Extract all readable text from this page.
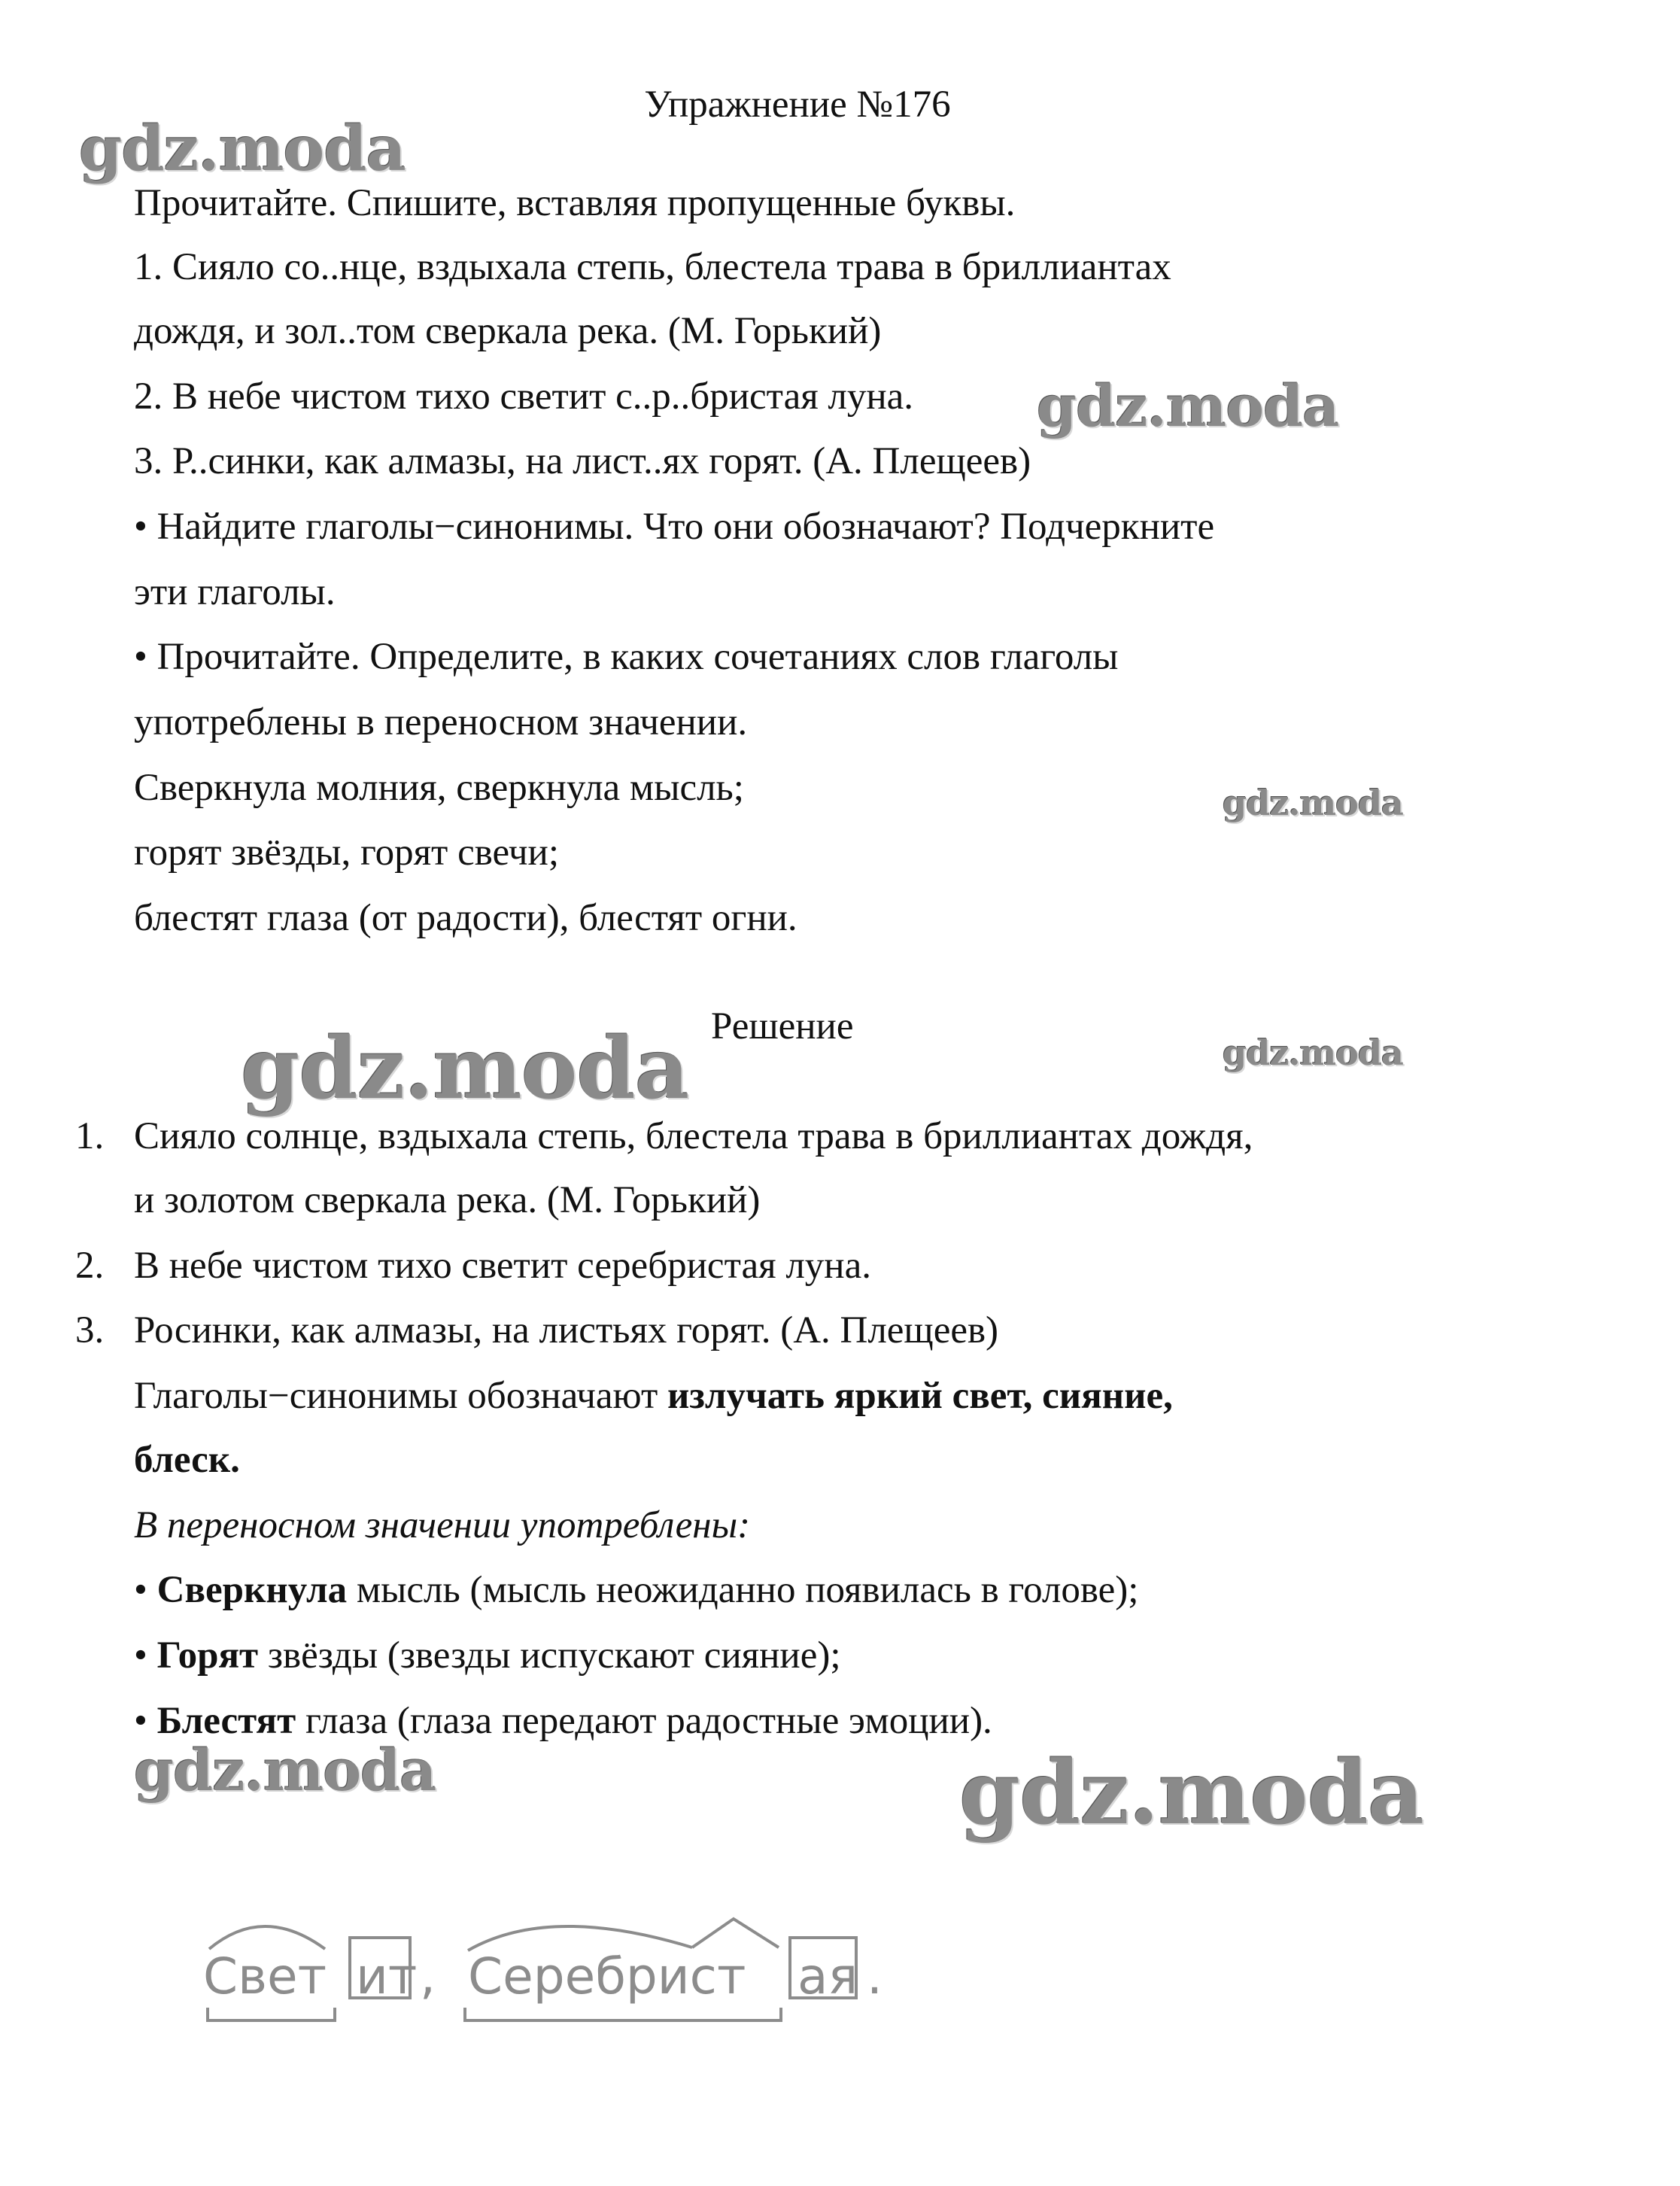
gdz.moda
gdz.moda
gdz.moda
gdz.moda	gdz.moda
gdz.moda	gdz.moda
Упражнение №176
Прочитайте. Спишите, вставляя пропущенные буквы.
1. Сияло со..нце, вздыхала степь, блестела трава в бриллиантах
дождя, и зол..том сверкала река. (М. Горький)
2. В небе чистом тихо светит с..р..бристая луна.
3. Р..синки, как алмазы, на лист..ях горят. (А. Плещеев)
• Найдите глаголы−синонимы. Что они обозначают? Подчеркните
эти глаголы.
• Прочитайте. Определите, в каких сочетаниях слов глаголы
употреблены в переносном значении.
Сверкнула молния, сверкнула мысль;
горят звёзды, горят свечи;
блестят глаза (от радости), блестят огни.
Решение
1. Сияло солнце, вздыхала степь, блестела трава в бриллиантах дождя,
и золотом сверкала река. (М. Горький)
2. В небе чистом тихо светит серебристая луна.
3. Росинки, как алмазы, на листьях горят. (А. Плещеев)
Глаголы−синонимы обозначают излучать яркий свет, сияние,
блеск.
В переносном значении употреблены:
• Сверкнула мысль (мысль неожиданно появилась в голове);
• Горят звёзды (звезды испускают сияние);
• Блестят глаза (глаза передают радостные эмоции).
Свет ит , Серебрист ая .
